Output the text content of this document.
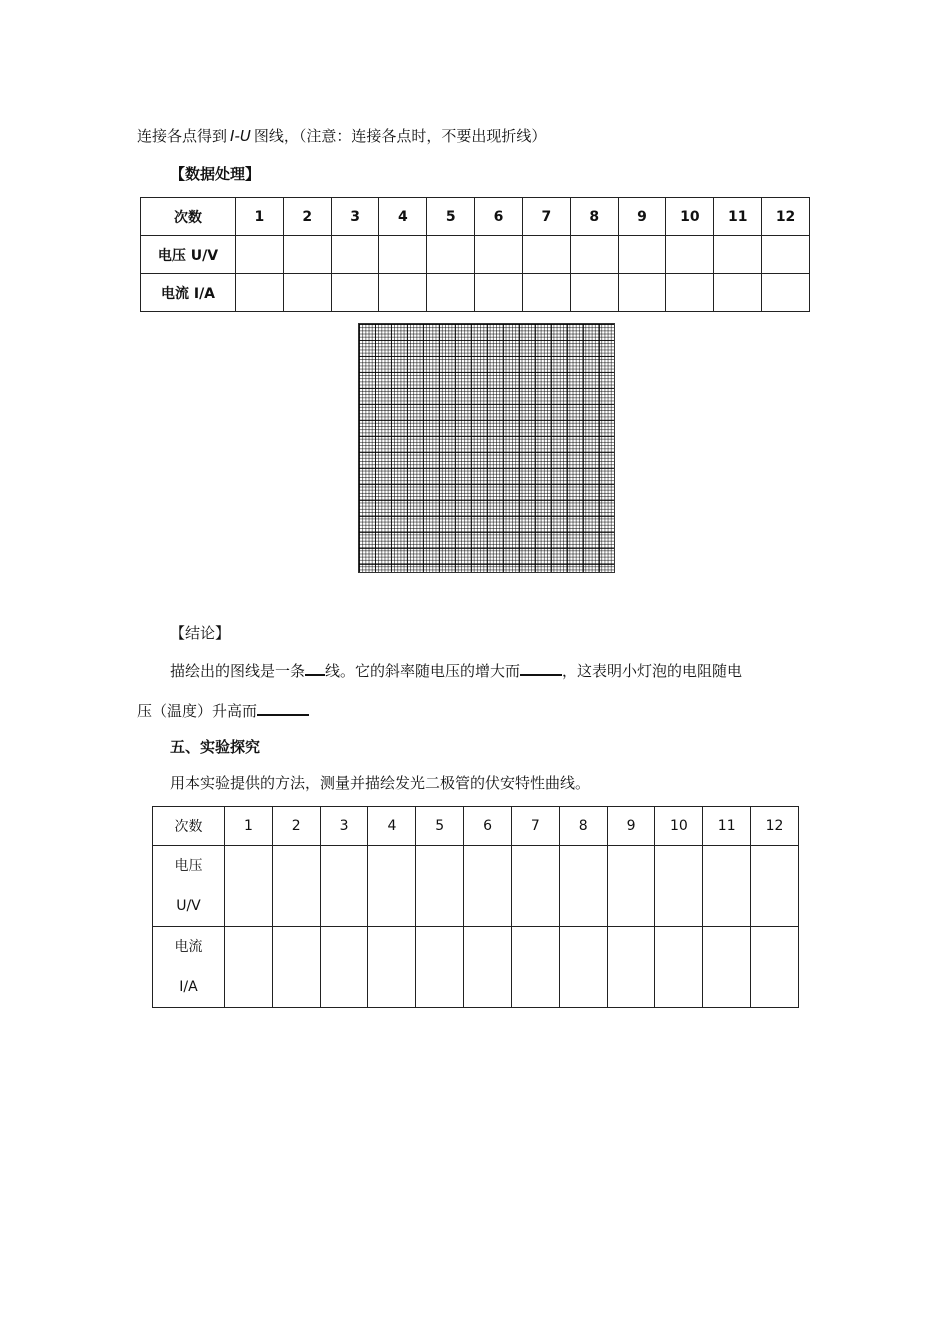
连接各点得到 I-U 图线，（注意：连接各点时，不要出现折线）
【数据处理】
次数	1	2	3	4	5	6	7	8	9	10	11	12
电压 U/V												
电流 I/A												
【结论】
描绘出的图线是一条 线。它的斜率随电压的增大而	，这表明小灯泡的电阻随电
压（温度）升高而
五、实验探究
用本实验提供的方法，测量并描绘发光二极管的伏安特性曲线。
次数	1	2	3	4	5	6	7	8	9	10	11	12

电压
U/V												

电流
I/A												
